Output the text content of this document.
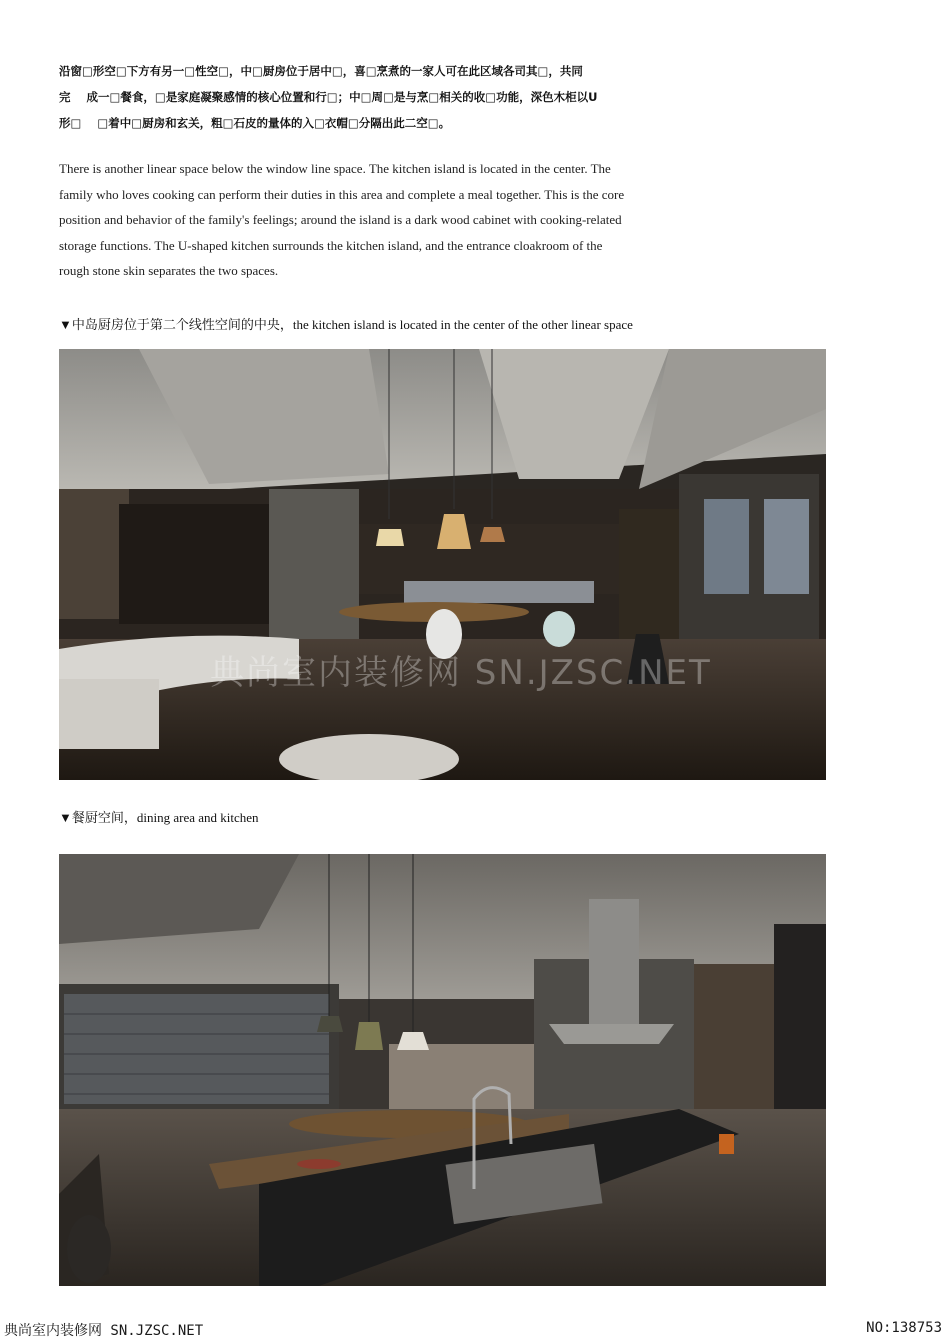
沿窗□形空□下方有另一□性空□，中□厨房位于居中□，喜□烹煮的一家人可在此区域各司其□，共同
完    成一□餐食，□是家庭凝聚感情的核心位置和行□；中□周□是与烹□相关的收□功能，深色木柜以U
形□    □着中□厨房和玄关，粗□石皮的量体的入□衣帽□分隔出此二空□。
There is another linear space below the window line space. The kitchen island is located in the center. The
family who loves cooking can perform their duties in this area and complete a meal together. This is the core
position and behavior of the family's feelings; around the island is a dark wood cabinet with cooking-related
storage functions. The U-shaped kitchen surrounds the kitchen island, and the entrance cloakroom of the
rough stone skin separates the two spaces.
▼中岛厨房位于第二个线性空间的中央，the kitchen island is located in the center of the other linear space
典尚室内装修网 SN.JZSC.NET
▼餐厨空间，dining area and kitchen
典尚室内装修网 SN.JZSC.NET	NO:138753
